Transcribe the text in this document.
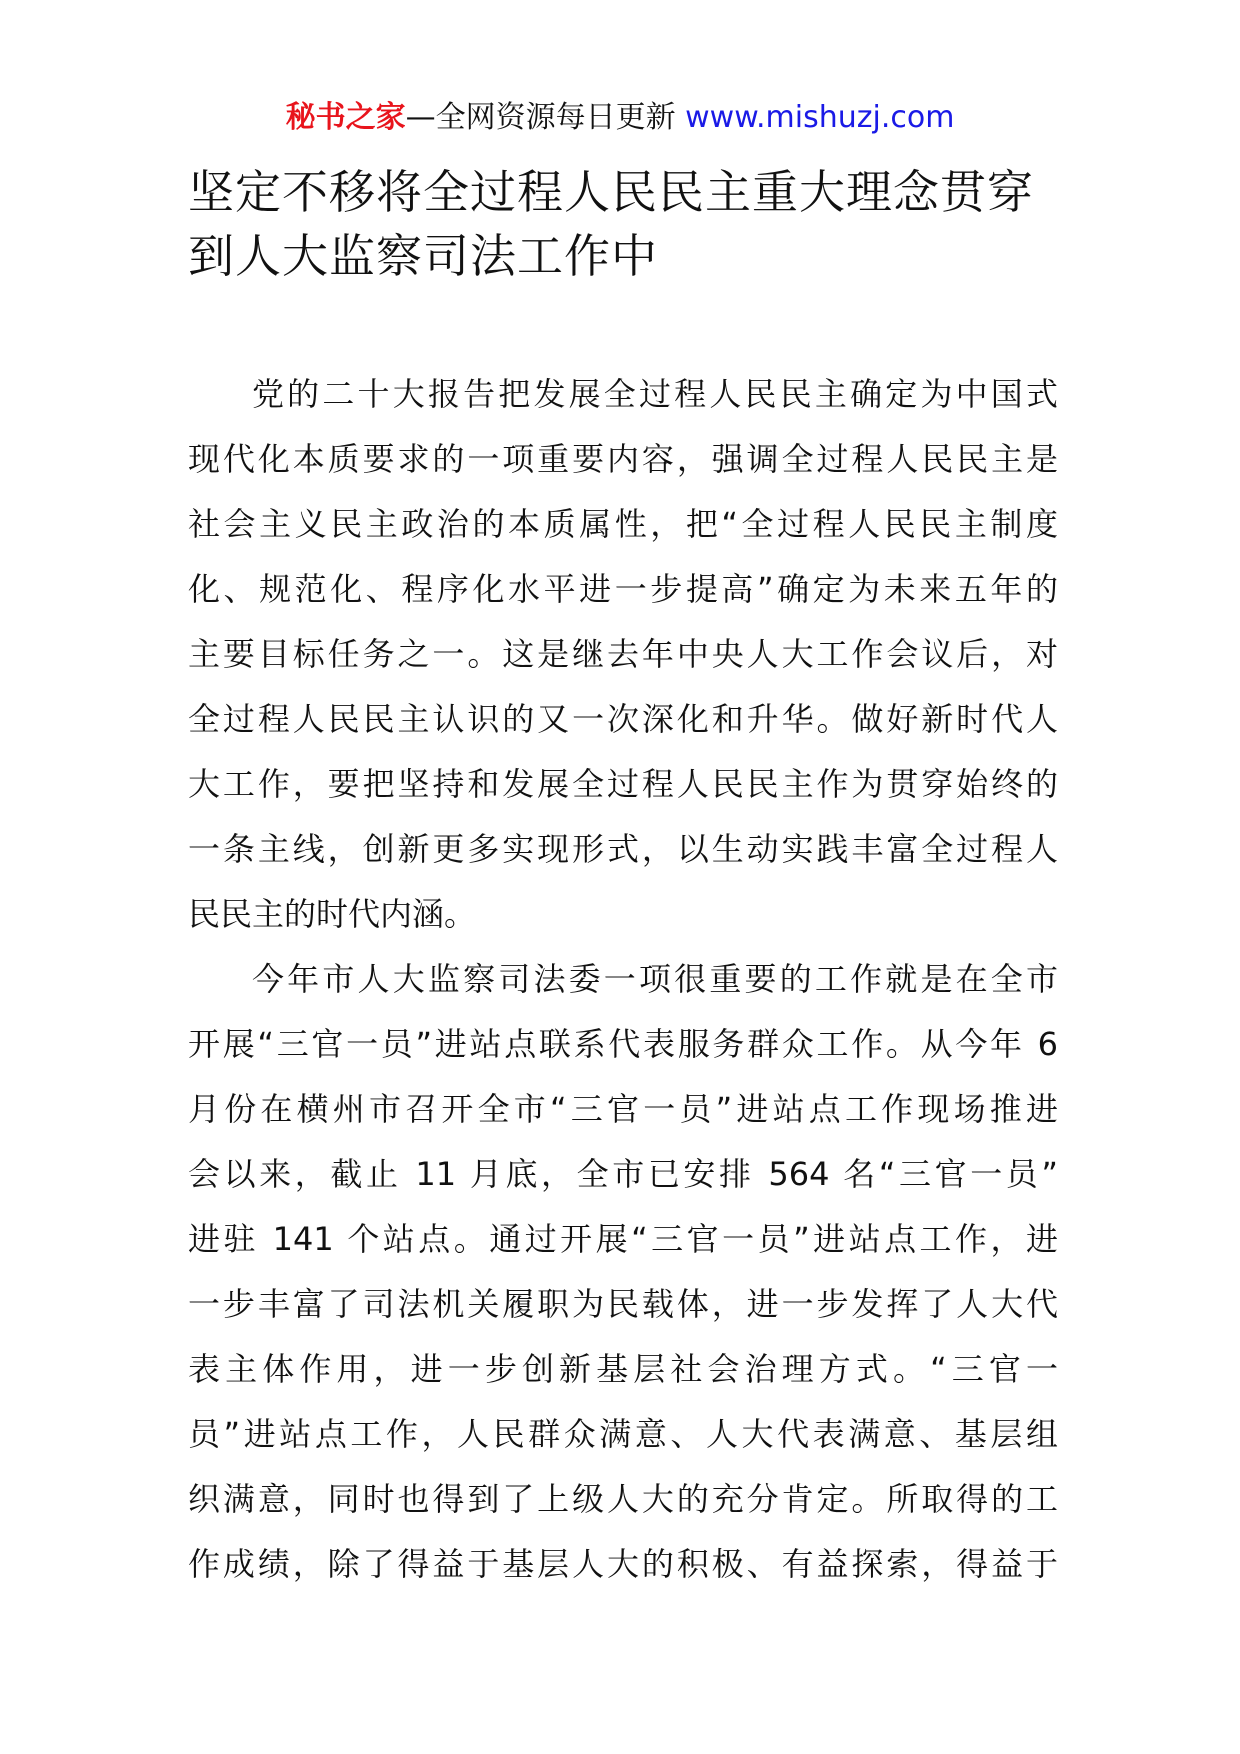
秘书之家—全网资源每日更新 www.mishuzj.com
坚定不移将全过程人民民主重大理念贯穿
到人大监察司法工作中

党的二十大报告把发展全过程人民民主确定为中国式
现代化本质要求的一项重要内容，强调全过程人民民主是
社会主义民主政治的本质属性，把“全过程人民民主制度
化、规范化、程序化水平进一步提高”确定为未来五年的
主要目标任务之一。这是继去年中央人大工作会议后，对
全过程人民民主认识的又一次深化和升华。做好新时代人
大工作，要把坚持和发展全过程人民民主作为贯穿始终的
一条主线，创新更多实现形式，以生动实践丰富全过程人
民民主的时代内涵。

今年市人大监察司法委一项很重要的工作就是在全市
开展“三官一员”进站点联系代表服务群众工作。从今年 6
月份在横州市召开全市“三官一员”进站点工作现场推进
会以来，截止 11 月底，全市已安排 564 名“三官一员”
进驻 141 个站点。通过开展“三官一员”进站点工作，进
一步丰富了司法机关履职为民载体，进一步发挥了人大代
表主体作用，进一步创新基层社会治理方式。“三官一
员”进站点工作，人民群众满意、人大代表满意、基层组
织满意，同时也得到了上级人大的充分肯定。所取得的工
作成绩，除了得益于基层人大的积极、有益探索，得益于
